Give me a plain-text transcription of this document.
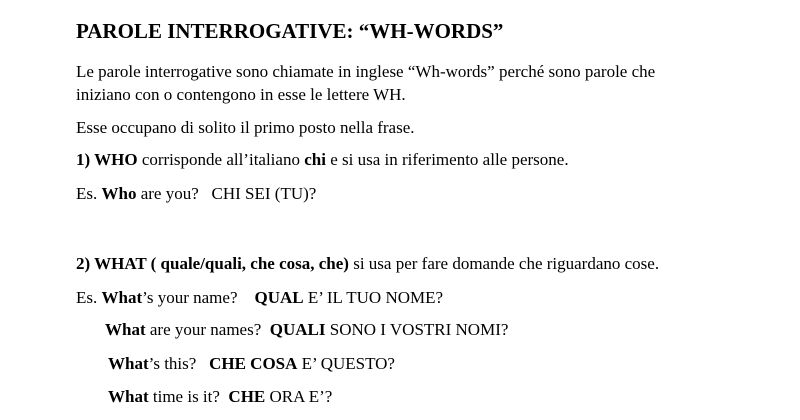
PAROLE INTERROGATIVE: “WH-WORDS”

Le parole interrogative sono chiamate in inglese “Wh-words” perché sono parole che
iniziano con o contengono in esse le lettere WH.

Esse occupano di solito il primo posto nella frase.

1) WHO corrisponde all’italiano chi e si usa in riferimento alle persone.

Es. Who are you? CHI SEI (TU)?

2) WHAT ( quale/quali, che cosa, che) si usa per fare domande che riguardano cose.

Es. What’s your name? QUAL E’ IL TUO NOME?

What are your names? QUALI SONO I VOSTRI NOMI?

What’s this? CHE COSA E’ QUESTO?

What time is it? CHE ORA E’?
